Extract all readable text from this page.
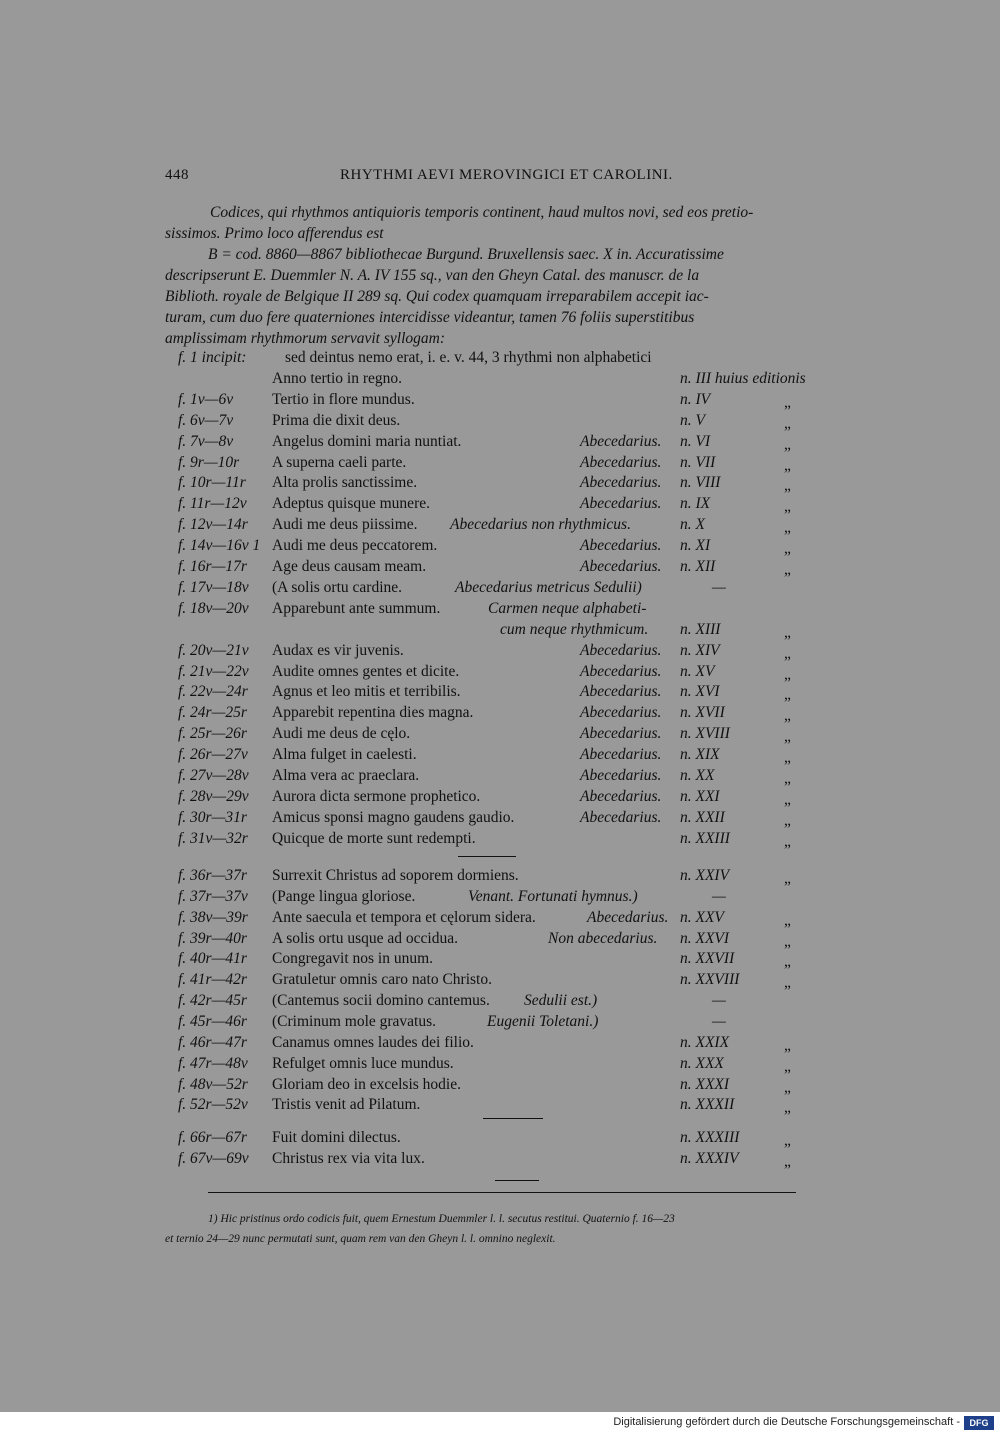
448	RHYTHMI AEVI MEROVINGICI ET CAROLINI.
Codices, qui rhythmos antiquioris temporis continent, haud multos novi, sed eos pretio-
sissimos. Primo loco afferendus est
B = cod. 8860—8867 bibliothecae Burgund. Bruxellensis saec. X in. Accuratissime
descripserunt E. Duemmler N. A. IV 155 sq., van den Gheyn Catal. des manuscr. de la
Biblioth. royale de Belgique II 289 sq. Qui codex quamquam irreparabilem accepit iac-
turam, cum duo fere quaterniones intercidisse videantur, tamen 76 foliis superstitibus
amplissimam rhythmorum servavit syllogam:
f. 1 incipit: sed deintus nemo erat, i. e. v. 44, 3 rhythmi non alphabetici
Anno tertio in regno.	n. III huius editionis
f. 1v—6v	Tertio in flore mundus.	n. IV	„
f. 6v—7v	Prima die dixit deus.	n. V	„
f. 7v—8v	Angelus domini maria nuntiat.	Abecedarius. n. VI	„
f. 9r—10r A superna caeli parte.	Abecedarius. n. VII	„
f. 10r—11r Alta prolis sanctissime.	Abecedarius. n. VIII	„
f. 11r—12v Adeptus quisque munere.	Abecedarius. n. IX	„
f. 12v—14r Audi me deus piissime. Abecedarius non rhythmicus.	n. X	„
f. 14v—16v 1 Audi me deus peccatorem.	Abecedarius. n. XI	„
f. 16r—17r Age deus causam meam.	Abecedarius. n. XII	„
f. 17v—18v (A solis ortu cardine.	Abecedarius metricus Sedulii)	—
f. 18v—20v Apparebunt ante summum.	Carmen neque alphabeti-
cum neque rhythmicum. n. XIII	„
f. 20v—21v Audax es vir juvenis.	Abecedarius. n. XIV	„
f. 21v—22v Audite omnes gentes et dicite.	Abecedarius. n. XV	„
f. 22v—24r Agnus et leo mitis et terribilis.	Abecedarius. n. XVI	„
f. 24r—25r Apparebit repentina dies magna.	Abecedarius. n. XVII	„
f. 25r—26r Audi me deus de cęlo.	Abecedarius. n. XVIII	„
f. 26r—27v Alma fulget in caelesti.	Abecedarius. n. XIX	„
f. 27v—28v Alma vera ac praeclara.	Abecedarius. n. XX	„
f. 28v—29v Aurora dicta sermone prophetico.	Abecedarius. n. XXI	„
f. 30r—31r Amicus sponsi magno gaudens gaudio.	Abecedarius. n. XXII	„
f. 31v—32r Quicque de morte sunt redempti.	n. XXIII	„
f. 36r—37r Surrexit Christus ad soporem dormiens.	n. XXIV	„
f. 37r—37v (Pange lingua gloriose.	Venant. Fortunati hymnus.)	—
f. 38v—39r Ante saecula et tempora et cęlorum sidera.	Abecedarius. n. XXV	„
f. 39r—40r A solis ortu usque ad occidua.	Non abecedarius. n. XXVI	„
f. 40r—41r Congregavit nos in unum.	n. XXVII	„
f. 41r—42r Gratuletur omnis caro nato Christo.	n. XXVIII	„
f. 42r—45r (Cantemus socii domino cantemus. Sedulii est.)	—
f. 45r—46r (Criminum mole gravatus.	Eugenii Toletani.)	—
f. 46r—47r Canamus omnes laudes dei filio.	n. XXIX	„
f. 47r—48v Refulget omnis luce mundus.	n. XXX	„
f. 48v—52r Gloriam deo in excelsis hodie.	n. XXXI	„
f. 52r—52v Tristis venit ad Pilatum.	n. XXXII	„
f. 66r—67r Fuit domini dilectus.	n. XXXIII	„
f. 67v—69v Christus rex via vita lux.	n. XXXIV	„
1) Hic pristinus ordo codicis fuit, quem Ernestum Duemmler l. l. secutus restitui. Quaternio f. 16—23
et ternio 24—29 nunc permutati sunt, quam rem van den Gheyn l. l. omnino neglexit.
Digitalisierung gefördert durch die Deutsche Forschungsgemeinschaft -	DFG
